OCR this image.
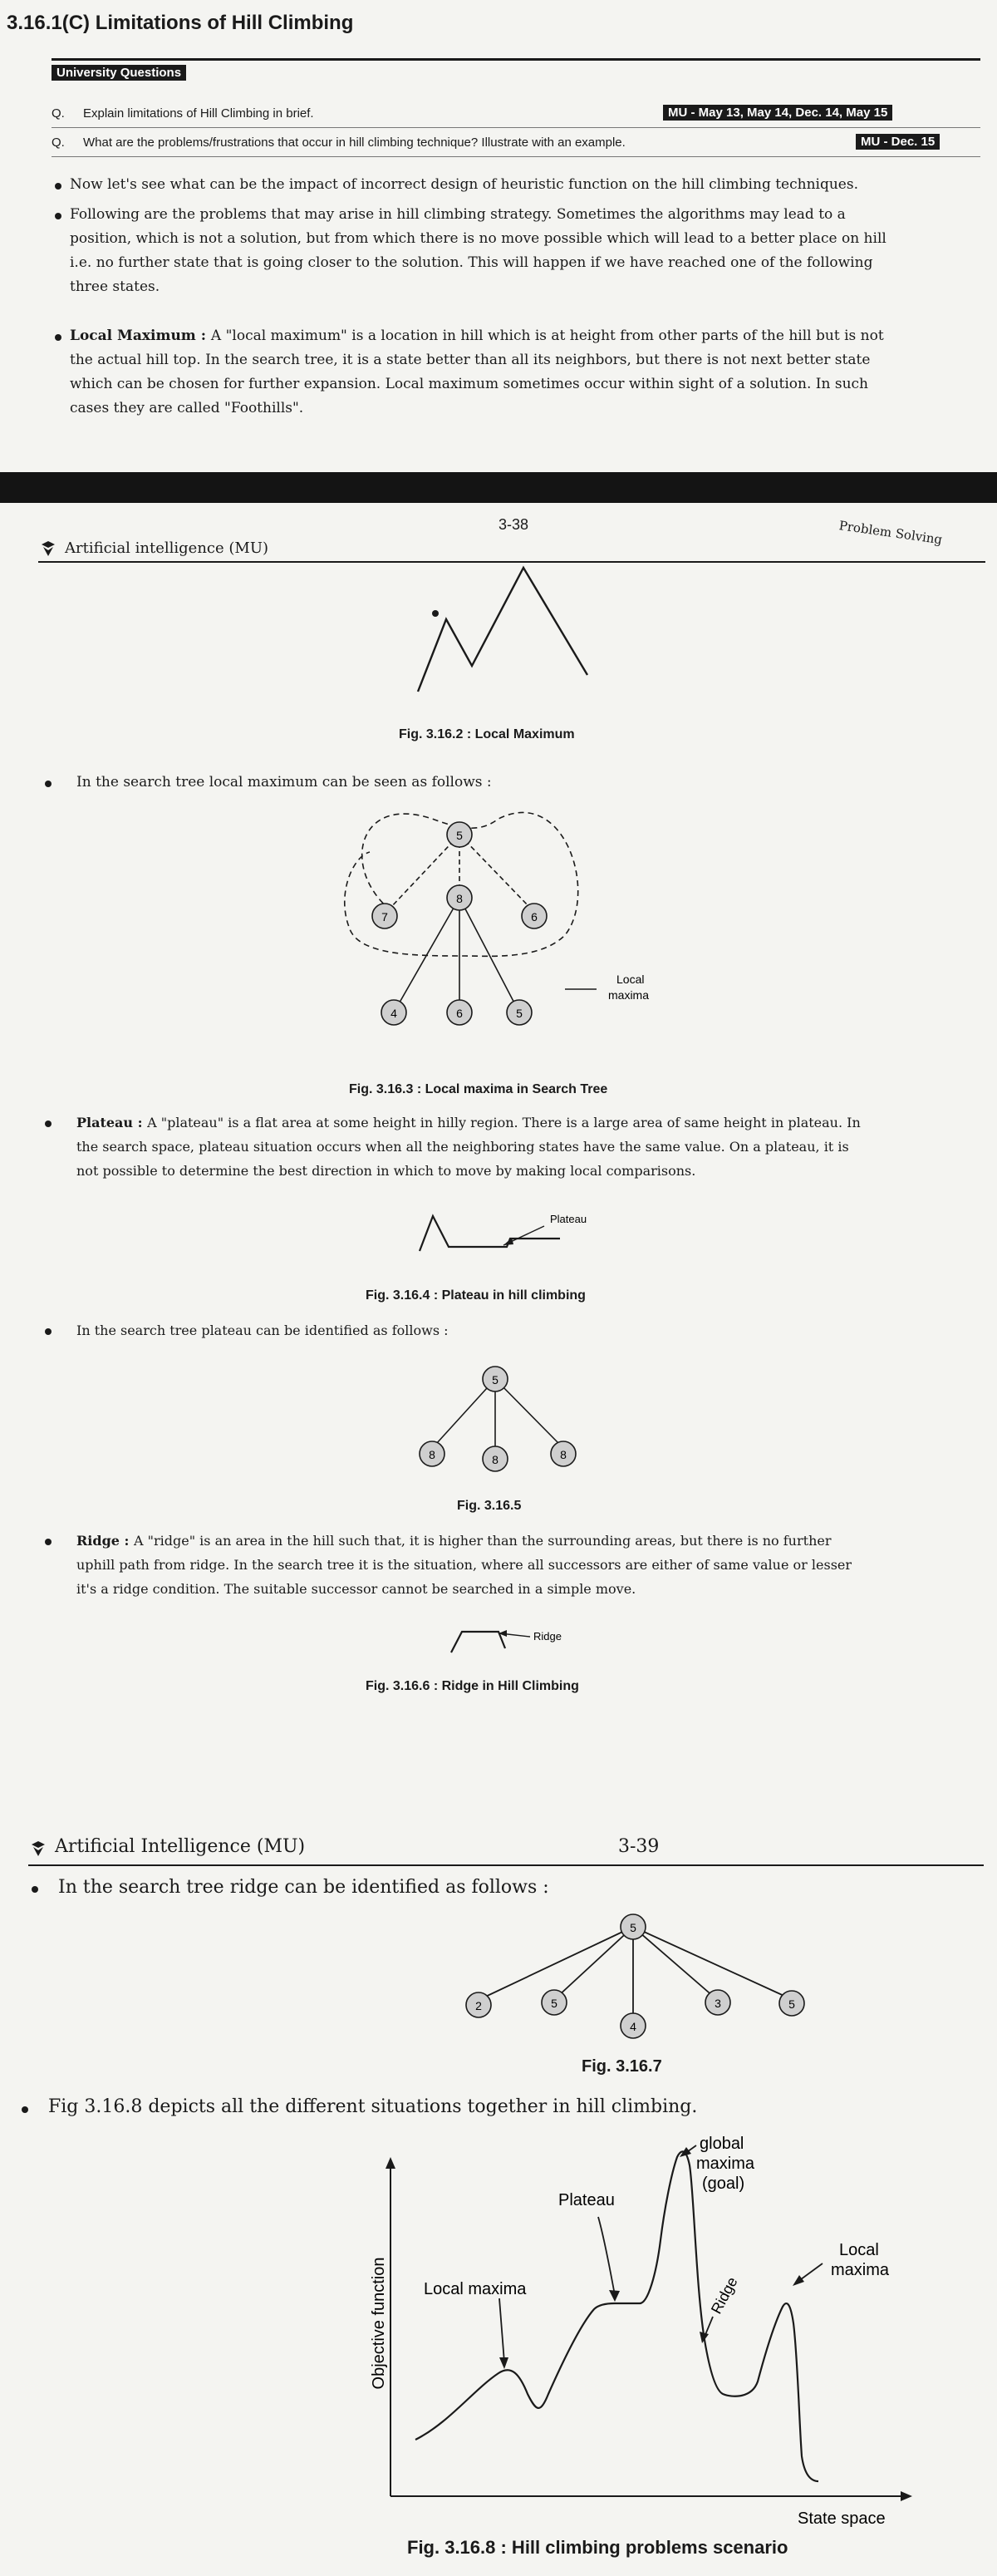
3.16.1(C) Limitations of Hill Climbing
University Questions
Q. Explain limitations of Hill Climbing in brief.	MU - May 13, May 14, Dec. 14, May 15
Q. What are the problems/frustrations that occur in hill climbing technique? Illustrate with an example.	MU - Dec. 15
Now let's see what can be the impact of incorrect design of heuristic function on the hill climbing techniques.
Following are the problems that may arise in hill climbing strategy. Sometimes the algorithms may lead to a
position, which is not a solution, but from which there is no move possible which will lead to a better place on hill
i.e. no further state that is going closer to the solution. This will happen if we have reached one of the following
three states.
Local Maximum : A "local maximum" is a location in hill which is at height from other parts of the hill but is not
the actual hill top. In the search tree, it is a state better than all its neighbors, but there is not next better state
which can be chosen for further expansion. Local maximum sometimes occur within sight of a solution. In such
cases they are called "Foothills".
Artificial intelligence (MU)
3-38	Problem Solving
Fig. 3.16.2 : Local Maximum
In the search tree local maximum can be seen as follows :
5
7
8
6
4	6	5
Local
maxima
Fig. 3.16.3 : Local maxima in Search Tree
Plateau : A "plateau" is a flat area at some height in hilly region. There is a large area of same height in plateau. In
the search space, plateau situation occurs when all the neighboring states have the same value. On a plateau, it is
not possible to determine the best direction in which to move by making local comparisons.
Plateau
Fig. 3.16.4 : Plateau in hill climbing
In the search tree plateau can be identified as follows :
5
8	8	8
Fig. 3.16.5
Ridge : A "ridge" is an area in the hill such that, it is higher than the surrounding areas, but there is no further
uphill path from ridge. In the search tree it is the situation, where all successors are either of same value or lesser
it's a ridge condition. The suitable successor cannot be searched in a simple move.
Ridge
Fig. 3.16.6 : Ridge in Hill Climbing
Artificial Intelligence (MU)	3-39
In the search tree ridge can be identified as follows :
5
2	5
4
3	5
Fig. 3.16.7
Fig 3.16.8 depicts all the different situations together in hill climbing.
Objective function
State space
Local maxima
Plateau
global
maxima
(goal)
Ridge
Local
maxima
Fig. 3.16.8 : Hill climbing problems scenario
